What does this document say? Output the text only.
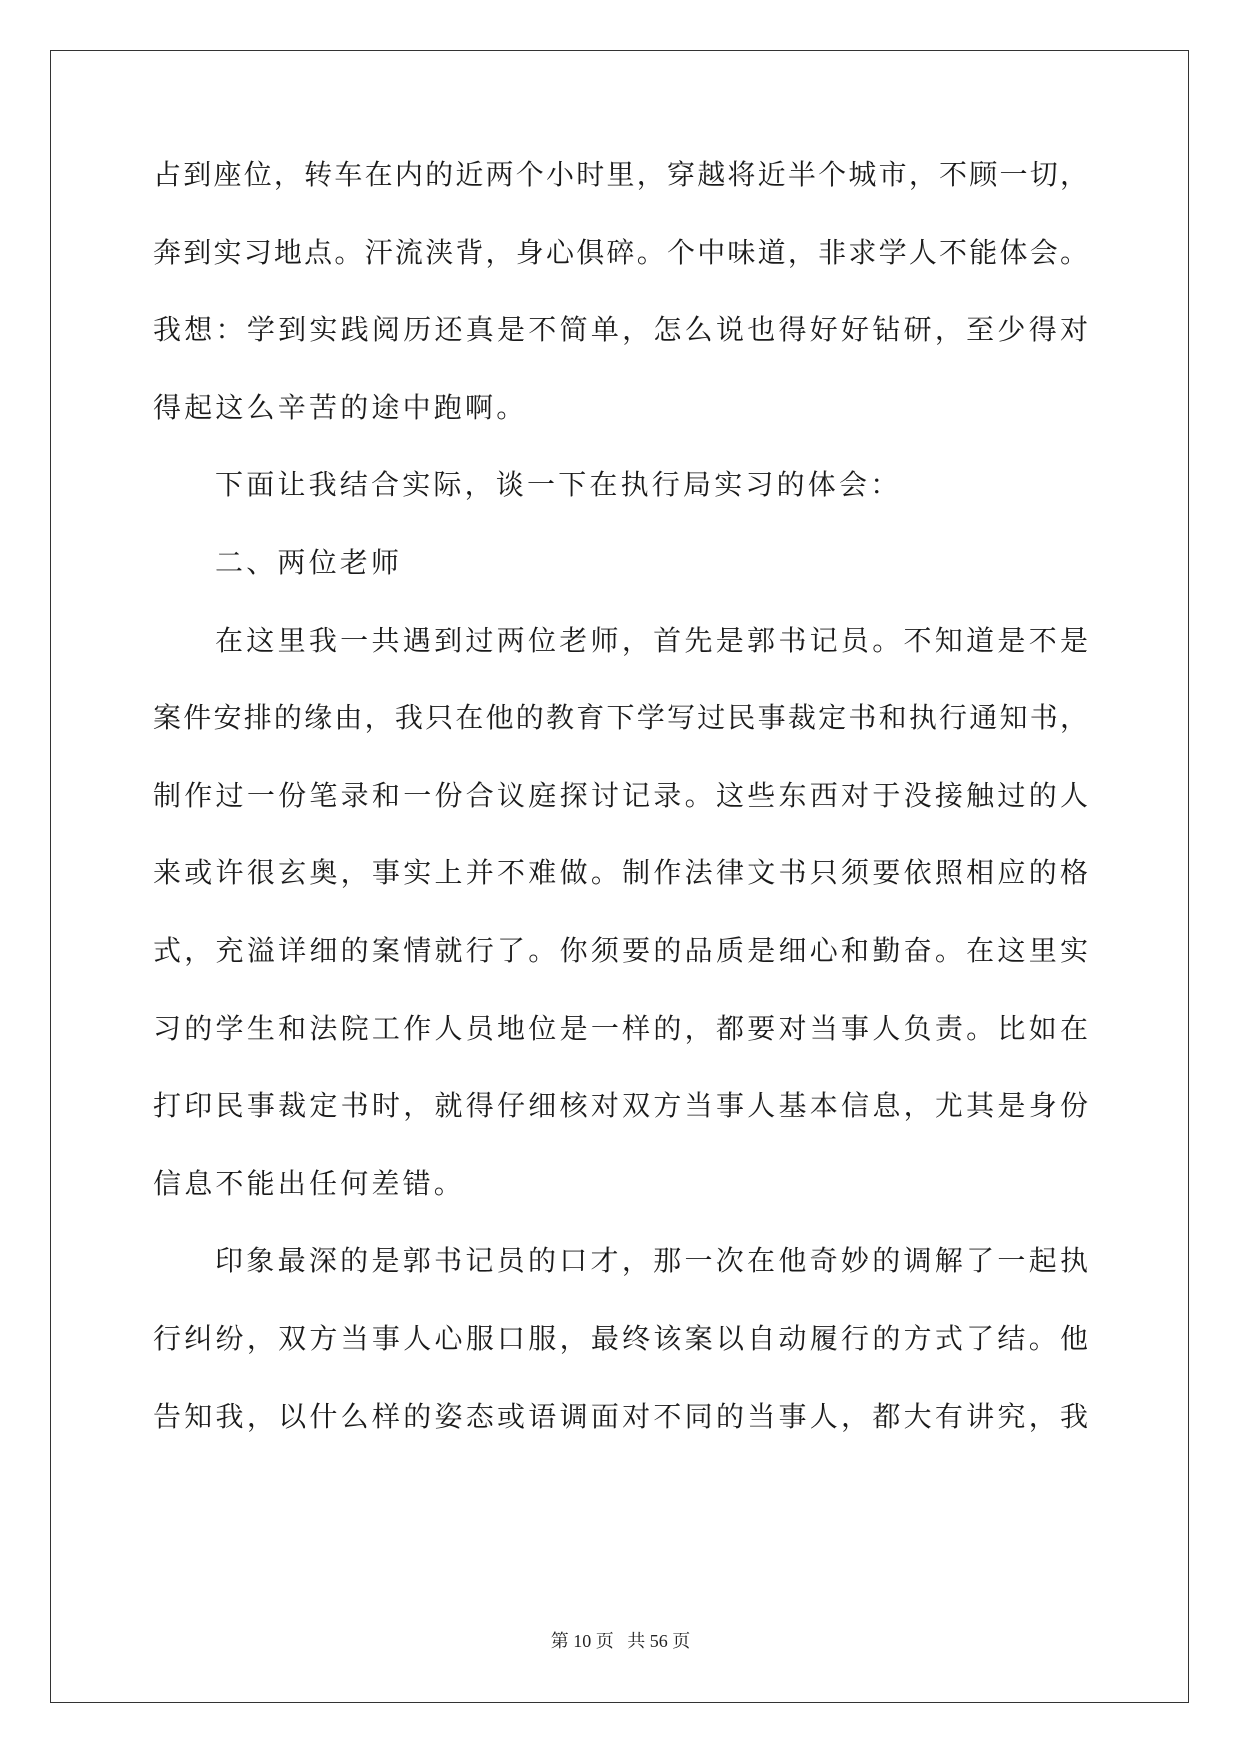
占到座位，转车在内的近两个小时里，穿越将近半个城市，不顾一切，
奔到实习地点。汗流浃背，身心俱碎。个中味道，非求学人不能体会。
我想：学到实践阅历还真是不简单，怎么说也得好好钻研，至少得对
得起这么辛苦的途中跑啊。
下面让我结合实际，谈一下在执行局实习的体会：
二、两位老师
在这里我一共遇到过两位老师，首先是郭书记员。不知道是不是
案件安排的缘由，我只在他的教育下学写过民事裁定书和执行通知书，
制作过一份笔录和一份合议庭探讨记录。这些东西对于没接触过的人
来或许很玄奥，事实上并不难做。制作法律文书只须要依照相应的格
式，充溢详细的案情就行了。你须要的品质是细心和勤奋。在这里实
习的学生和法院工作人员地位是一样的，都要对当事人负责。比如在
打印民事裁定书时，就得仔细核对双方当事人基本信息，尤其是身份
信息不能出任何差错。
印象最深的是郭书记员的口才，那一次在他奇妙的调解了一起执
行纠纷，双方当事人心服口服，最终该案以自动履行的方式了结。他
告知我，以什么样的姿态或语调面对不同的当事人，都大有讲究，我
第 10 页   共 56 页
